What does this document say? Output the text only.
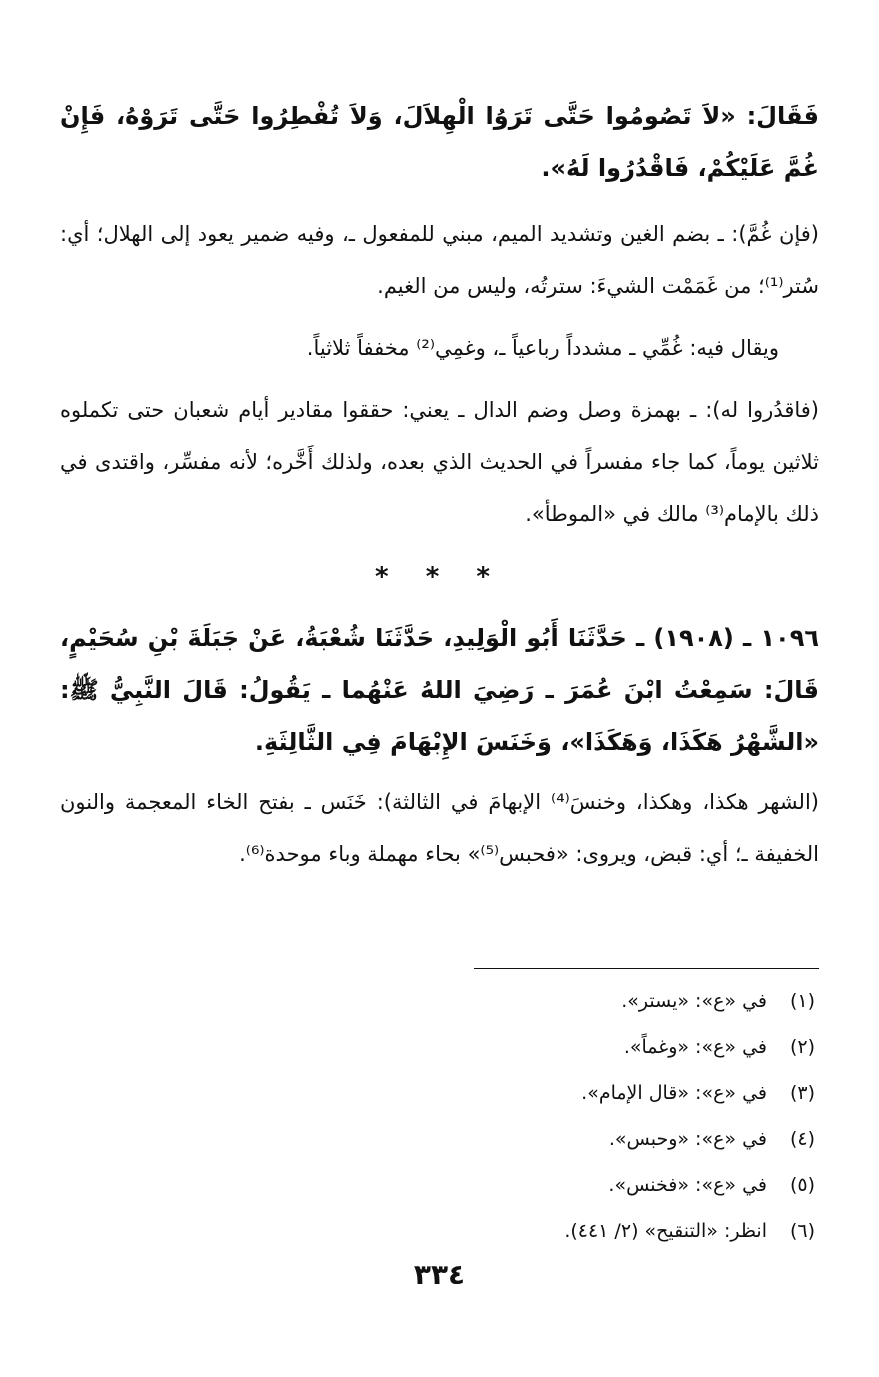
فَقَالَ: «لاَ تَصُومُوا حَتَّى تَرَوُا الْهِلاَلَ، وَلاَ تُفْطِرُوا حَتَّى تَرَوْهُ، فَإِنْ غُمَّ عَلَيْكُمْ، فَاقْدُرُوا لَهُ».

(فإن غُمَّ): ـ بضم الغين وتشديد الميم، مبني للمفعول ـ، وفيه ضمير يعود إلى الهلال؛ أي: سُتر⁽¹⁾؛ من غَمَمْت الشيءَ: سترتُه، وليس من الغيم.

ويقال فيه: غُمِّي ـ مشدداً رباعياً ـ، وغمِي⁽²⁾ مخففاً ثلاثياً.

(فاقدُروا له): ـ بهمزة وصل وضم الدال ـ يعني: حققوا مقادير أيام شعبان حتى تكملوه ثلاثين يوماً، كما جاء مفسراً في الحديث الذي بعده، ولذلك أَخَّره؛ لأنه مفسِّر، واقتدى في ذلك بالإمام⁽³⁾ مالك في «الموطأ».

* * *

١٠٩٦ ـ (١٩٠٨) ـ حَدَّثَنَا أَبُو الْوَلِيدِ، حَدَّثَنَا شُعْبَةُ، عَنْ جَبَلَةَ بْنِ سُحَيْمٍ، قَالَ: سَمِعْتُ ابْنَ عُمَرَ ـ رَضِيَ اللهُ عَنْهُما ـ يَقُولُ: قَالَ النَّبِيُّ ﷺ: «الشَّهْرُ هَكَذَا، وَهَكَذَا»، وَخَنَسَ الإِبْهَامَ فِي الثَّالِثَةِ.

(الشهر هكذا، وهكذا، وخنسَ⁽⁴⁾ الإبهامَ في الثالثة): خَنَس ـ بفتح الخاء المعجمة والنون الخفيفة ـ؛ أي: قبض، ويروى: «فحبس⁽⁵⁾» بحاء مهملة وباء موحدة⁽⁶⁾.

(١)
في «ع»: «يستر».
(٢)
في «ع»: «وغماً».
(٣)
في «ع»: «قال الإمام».
(٤)
في «ع»: «وحبس».
(٥)
في «ع»: «فخنس».
(٦)
انظر: «التنقيح» (٢/ ٤٤١).
٣٣٤
